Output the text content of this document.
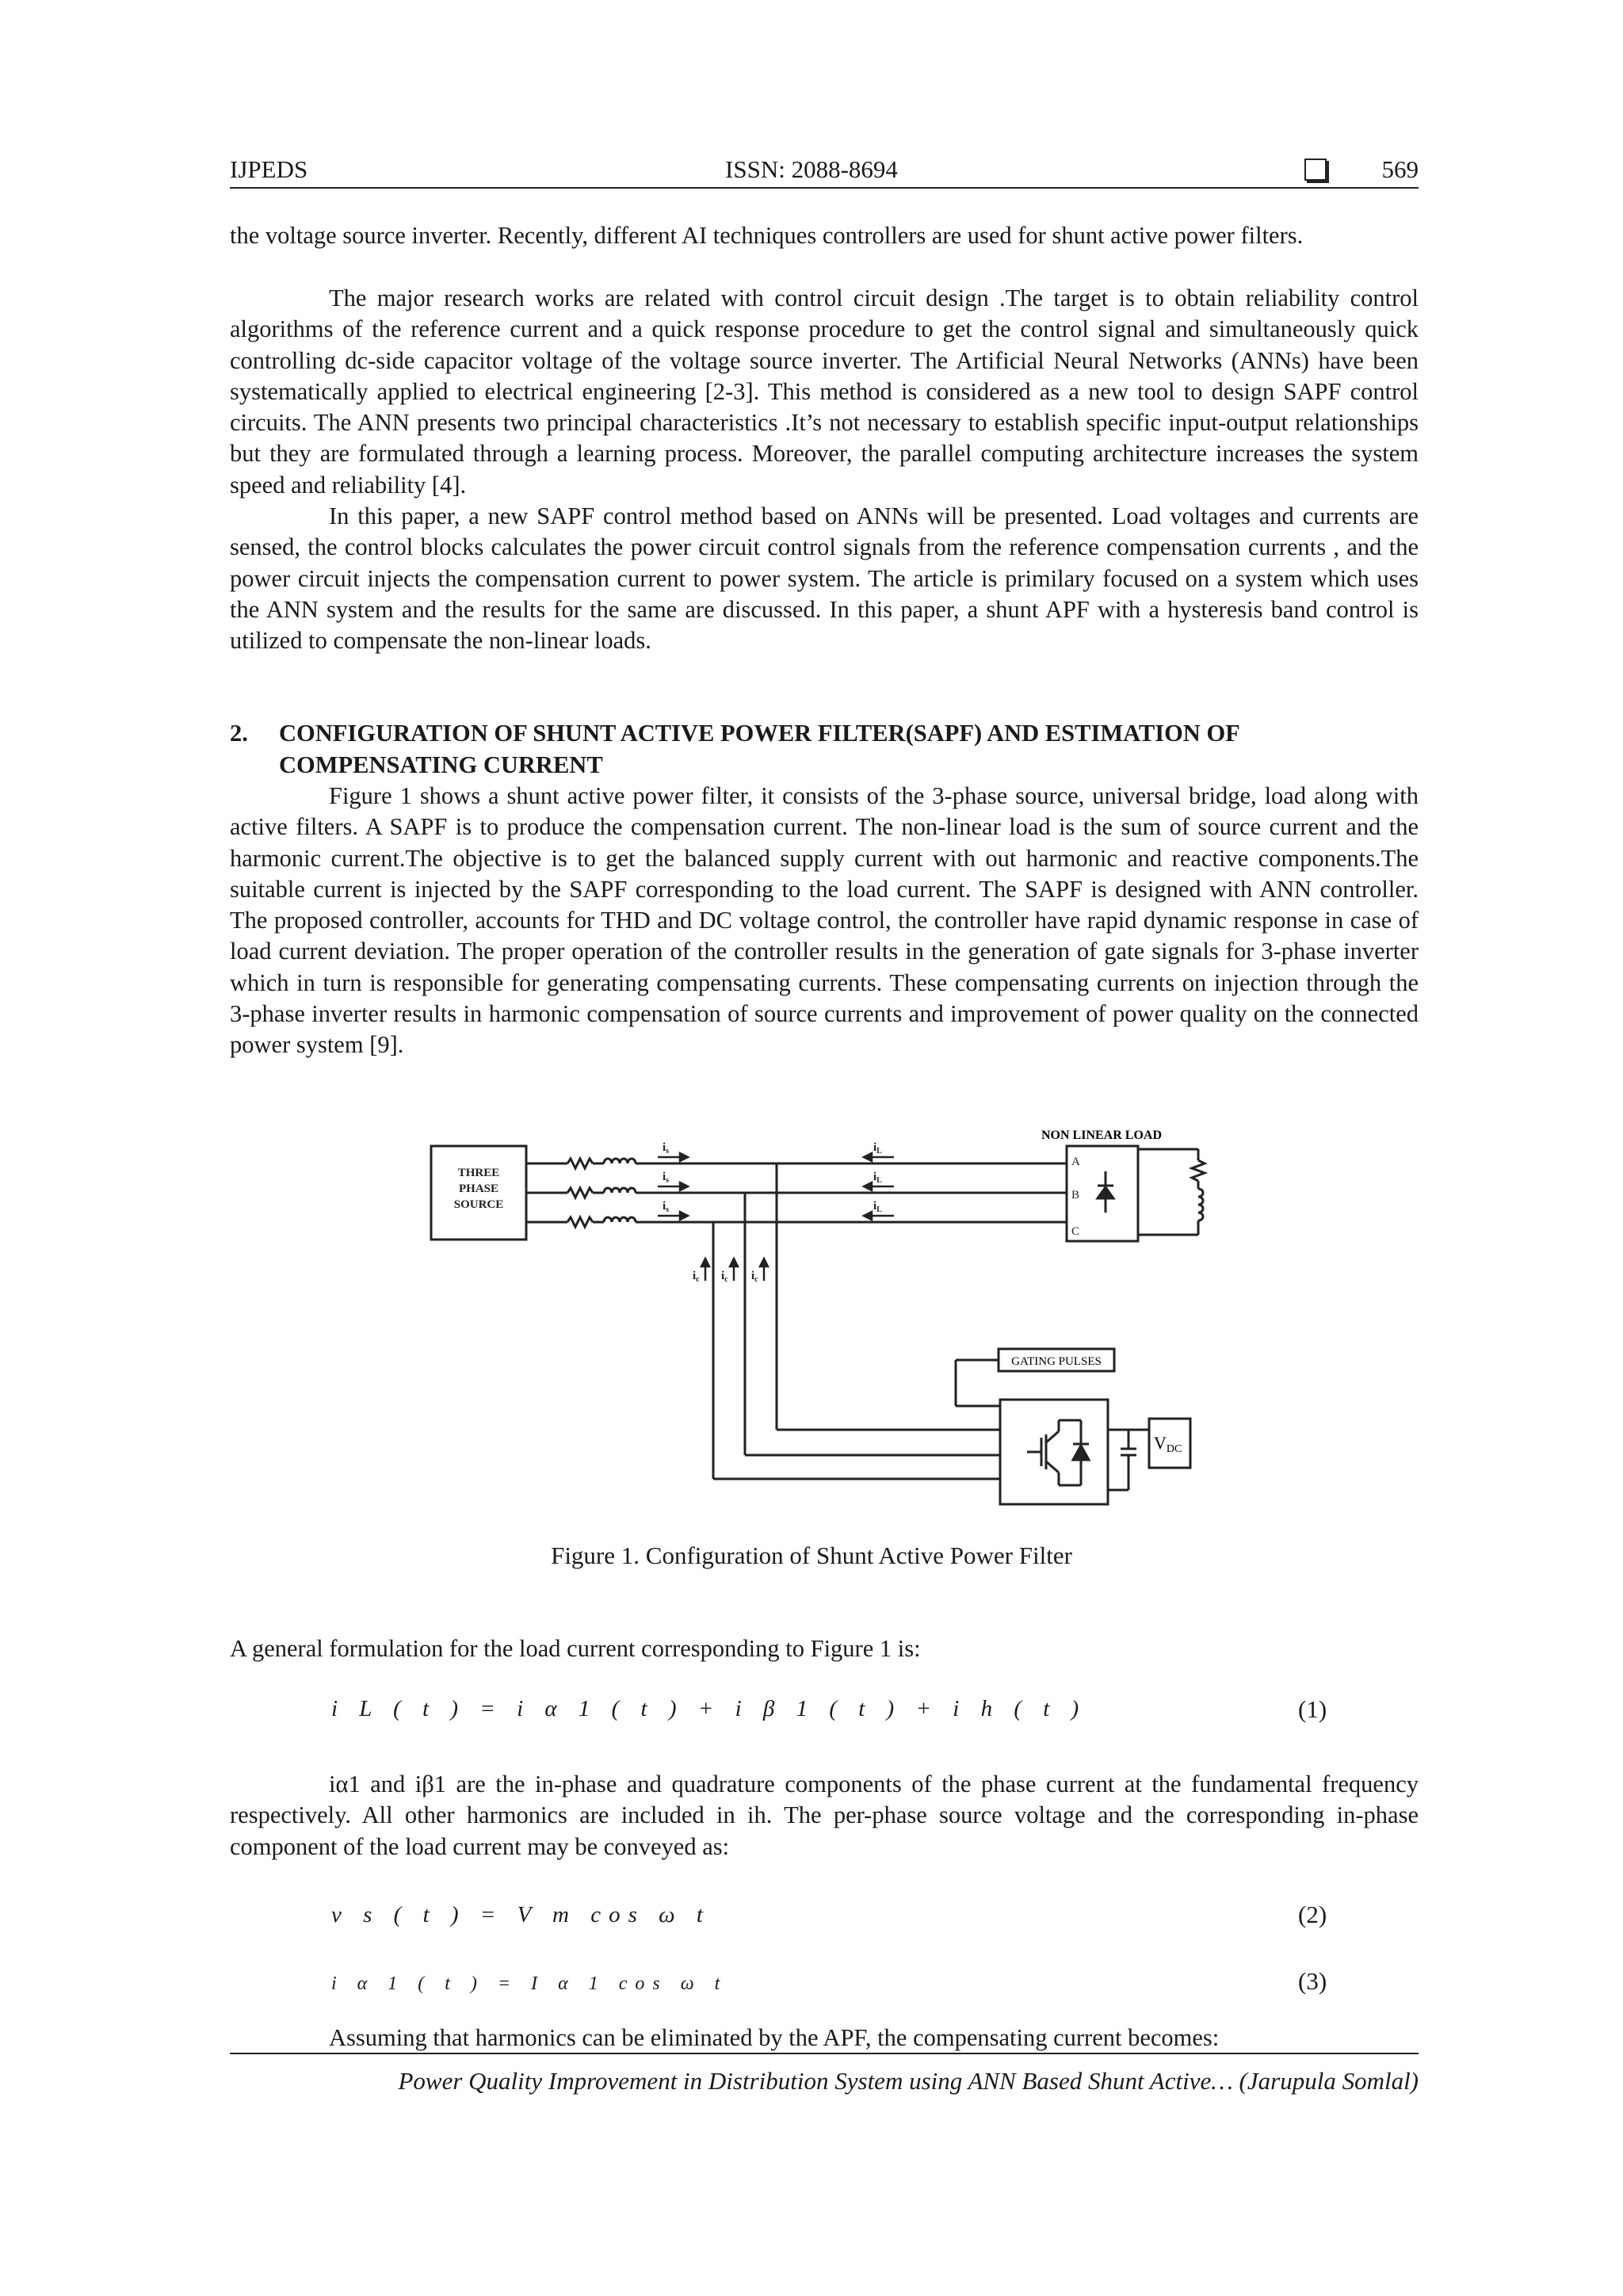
IJPEDS	ISSN: 2088-8694	569
the voltage source inverter. Recently, different AI techniques controllers are used for shunt active power filters.
The major research works are related with control circuit design .The target is to obtain reliability control algorithms of the reference current and a quick response procedure to get the control signal and simultaneously quick controlling dc-side capacitor voltage of the voltage source inverter. The Artificial Neural Networks (ANNs) have been systematically applied to electrical engineering [2-3]. This method is considered as a new tool to design SAPF control circuits. The ANN presents two principal characteristics .It’s not necessary to establish specific input-output relationships but they are formulated through a learning process. Moreover, the parallel computing architecture increases the system speed and reliability [4].
In this paper, a new SAPF control method based on ANNs will be presented. Load voltages and currents are sensed, the control blocks calculates the power circuit control signals from the reference compensation currents , and the power circuit injects the compensation current to power system. The article is primilary focused on a system which uses the ANN system and the results for the same are discussed. In this paper, a shunt APF with a hysteresis band control is utilized to compensate the non-linear loads.
2. CONFIGURATION OF SHUNT ACTIVE POWER FILTER(SAPF) AND ESTIMATION OF COMPENSATING CURRENT
Figure 1 shows a shunt active power filter, it consists of the 3-phase source, universal bridge, load along with active filters. A SAPF is to produce the compensation current. The non-linear load is the sum of source current and the harmonic current.The objective is to get the balanced supply current with out harmonic and reactive components.The suitable current is injected by the SAPF corresponding to the load current. The SAPF is designed with ANN controller. The proposed controller, accounts for THD and DC voltage control, the controller have rapid dynamic response in case of load current deviation. The proper operation of the controller results in the generation of gate signals for 3-phase inverter which in turn is responsible for generating compensating currents. These compensating currents on injection through the 3-phase inverter results in harmonic compensation of source currents and improvement of power quality on the connected power system [9].
THREE
PHASE
SOURCE
NON LINEAR LOAD
A
B
C
$i_s$
$i_s$
$i_s$
$i_L$
$i_L$
$i_L$
$i_c$ $i_c$ $i_c$
GATING PULSES
VDC
Figure 1. Configuration of Shunt Active Power Filter
A general formulation for the load current corresponding to Figure 1 is:
i L ( t ) = i α 1 ( t ) + i β 1 ( t ) + i h ( t )	(1)
iα1 and iβ1 are the in-phase and quadrature components of the phase current at the fundamental frequency respectively. All other harmonics are included in ih. The per-phase source voltage and the corresponding in-phase component of the load current may be conveyed as:
v s ( t ) = V m cos ω t	(2)
i α 1 ( t ) = I α 1 cos ω t	(3)
Assuming that harmonics can be eliminated by the APF, the compensating current becomes:
Power Quality Improvement in Distribution System using ANN Based Shunt Active… (Jarupula Somlal)
